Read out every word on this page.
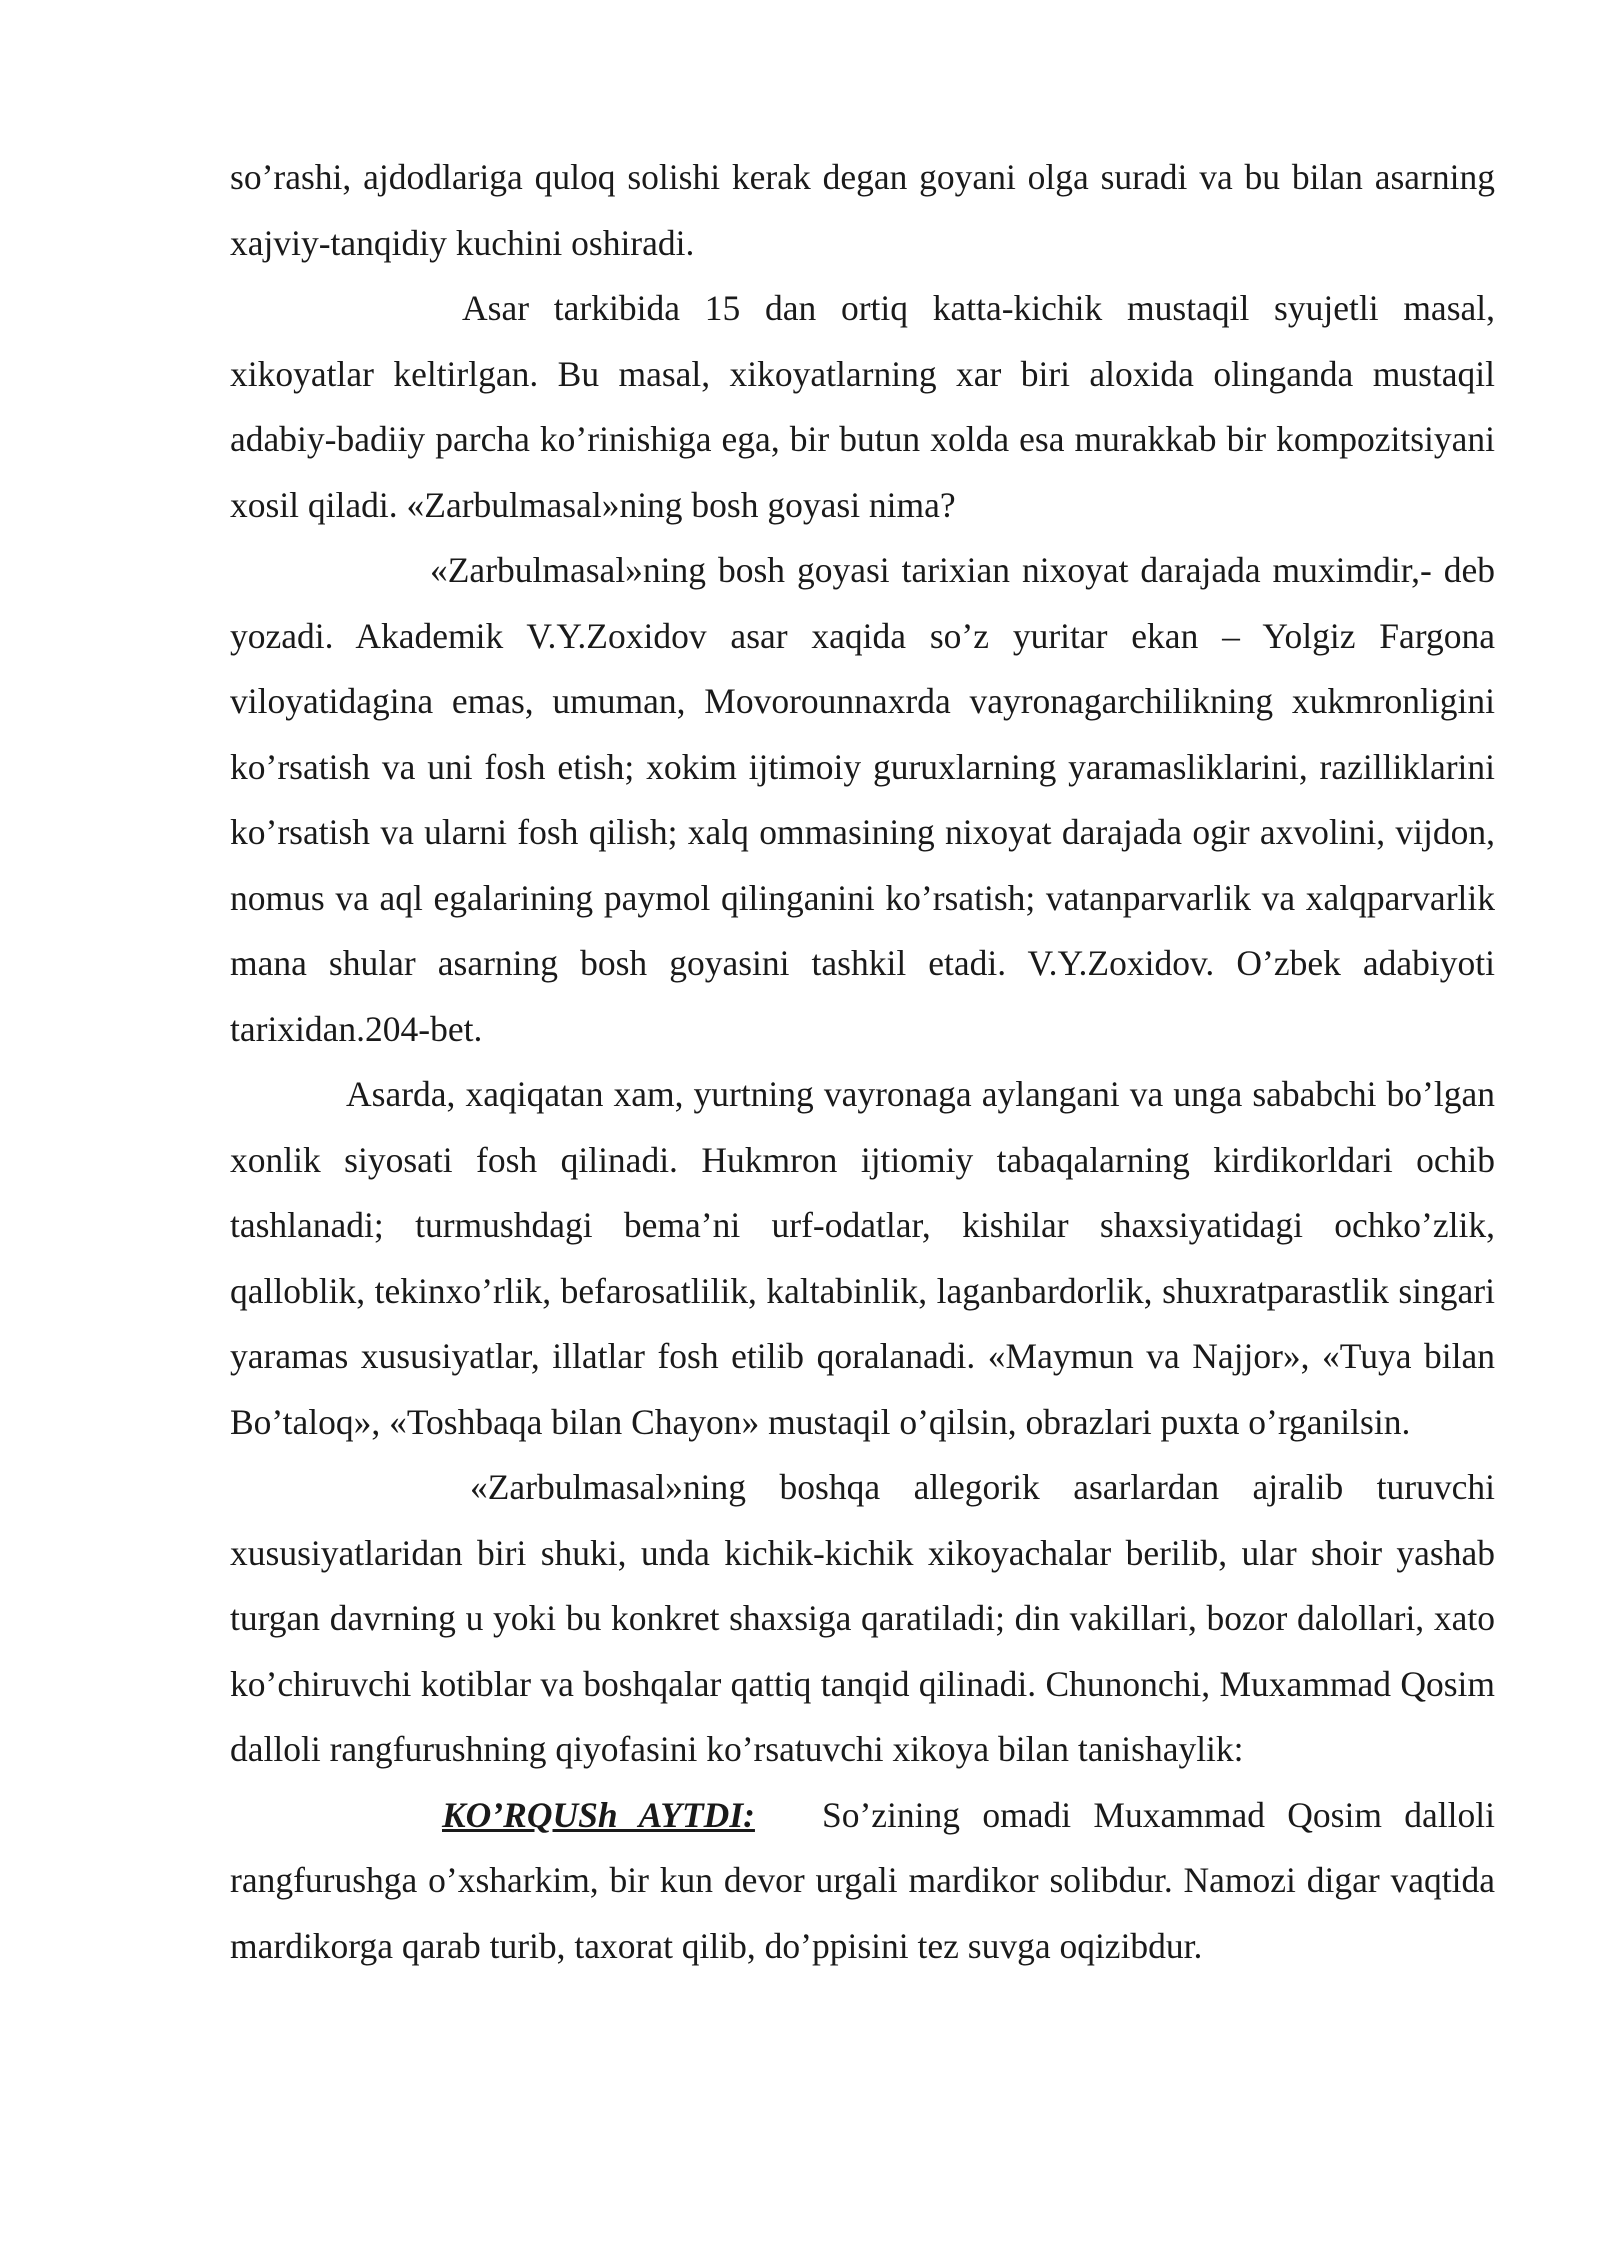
so’rashi, ajdodlariga quloq solishi kerak degan goyani olga suradi va bu bilan asarning xajviy-tanqidiy kuchini oshiradi.

Asar tarkibida 15 dan ortiq katta-kichik mustaqil syujetli masal, xikoyatlar keltirlgan. Bu masal, xikoyatlarning xar biri aloxida olinganda mustaqil adabiy-badiiy parcha ko’rinishiga ega, bir butun xolda esa murakkab bir kompozitsiyani xosil qiladi. «Zarbulmasal»ning bosh goyasi nima?

«Zarbulmasal»ning bosh goyasi tarixian nixoyat darajada muximdir,- deb yozadi. Akademik V.Y.Zoxidov asar xaqida so’z yuritar ekan – Yolgiz Fargona viloyatidagina emas, umuman, Movorounnaxrda vayronagarchilikning xukmronligini ko’rsatish va uni fosh etish; xokim ijtimoiy guruxlarning yaramasliklarini, razilliklarini ko’rsatish va ularni fosh qilish; xalq ommasining nixoyat darajada ogir axvolini, vijdon, nomus va aql egalarining paymol qilinganini ko’rsatish; vatanparvarlik va xalqparvarlik mana shular asarning bosh goyasini tashkil etadi. V.Y.Zoxidov. O’zbek adabiyoti tarixidan.204-bet.

Asarda, xaqiqatan xam, yurtning vayronaga aylangani va unga sababchi bo’lgan xonlik siyosati fosh qilinadi. Hukmron ijtiomiy tabaqalarning kirdikorldari ochib tashlanadi; turmushdagi bema’ni urf-odatlar, kishilar shaxsiyatidagi ochko’zlik, qalloblik, tekinxo’rlik, befarosatlilik, kaltabinlik, laganbardorlik, shuxratparastlik singari yaramas xususiyatlar, illatlar fosh etilib qoralanadi. «Maymun va Najjor», «Tuya bilan Bo’taloq», «Toshbaqa bilan Chayon» mustaqil o’qilsin, obrazlari puxta o’rganilsin.

«Zarbulmasal»ning boshqa allegorik asarlardan ajralib turuvchi xususiyatlaridan biri shuki, unda kichik-kichik xikoyachalar berilib, ular shoir yashab turgan davrning u yoki bu konkret shaxsiga qaratiladi; din vakillari, bozor dalollari, xato ko’chiruvchi kotiblar va boshqalar qattiq tanqid qilinadi. Chunonchi, Muxammad Qosim dalloli rangfurushning qiyofasini ko’rsatuvchi xikoya bilan tanishaylik:

KO’RQUSh AYTDI: So’zining omadi Muxammad Qosim dalloli rangfurushga o’xsharkim, bir kun devor urgali mardikor solibdur. Namozi digar vaqtida mardikorga qarab turib, taxorat qilib, do’ppisini tez suvga oqizibdur.
